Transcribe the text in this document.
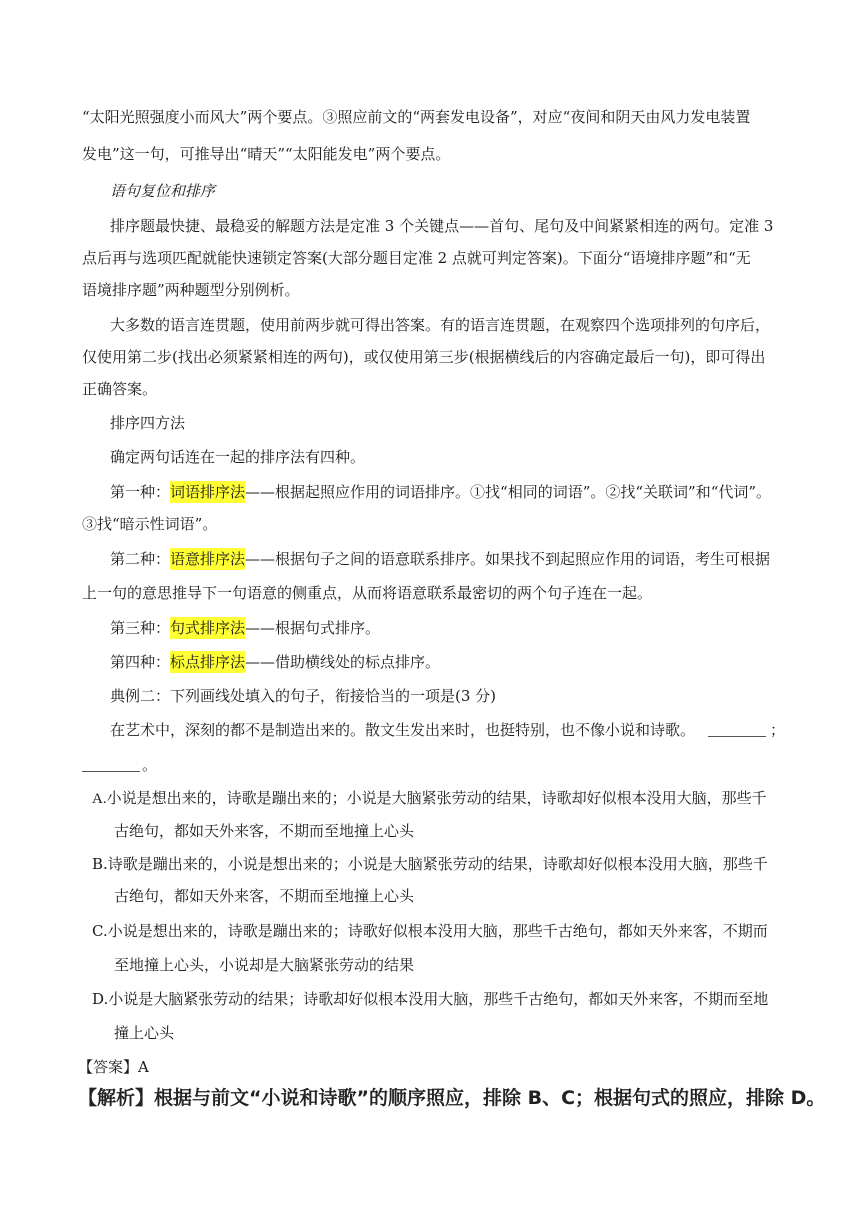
“太阳光照强度小而风大”两个要点。③照应前文的“两套发电设备”，对应“夜间和阴天由风力发电装置
发电”这一句，可推导出“晴天”“太阳能发电”两个要点。
语句复位和排序
排序题最快捷、最稳妥的解题方法是定准 3 个关键点——首句、尾句及中间紧紧相连的两句。定准 3
点后再与选项匹配就能快速锁定答案(大部分题目定准 2 点就可判定答案)。下面分“语境排序题”和“无
语境排序题”两种题型分别例析。
大多数的语言连贯题，使用前两步就可得出答案。有的语言连贯题，在观察四个选项排列的句序后，
仅使用第二步(找出必须紧紧相连的两句)，或仅使用第三步(根据横线后的内容确定最后一句)，即可得出
正确答案。
排序四方法
确定两句话连在一起的排序法有四种。
第一种：词语排序法——根据起照应作用的词语排序。①找“相同的词语”。②找“关联词”和“代词”。
③找“暗示性词语”。
第二种：语意排序法——根据句子之间的语意联系排序。如果找不到起照应作用的词语，考生可根据
上一句的意思推导下一句语意的侧重点，从而将语意联系最密切的两个句子连在一起。
第三种：句式排序法——根据句式排序。
第四种：标点排序法——借助横线处的标点排序。
典例二：下列画线处填入的句子，衔接恰当的一项是(3 分)
在艺术中，深刻的都不是制造出来的。散文生发出来时，也挺特别，也不像小说和诗歌。	；
。
A.小说是想出来的，诗歌是蹦出来的；小说是大脑紧张劳动的结果，诗歌却好似根本没用大脑，那些千
古绝句，都如天外来客，不期而至地撞上心头
B.诗歌是蹦出来的，小说是想出来的；小说是大脑紧张劳动的结果，诗歌却好似根本没用大脑，那些千
古绝句，都如天外来客，不期而至地撞上心头
C.小说是想出来的，诗歌是蹦出来的；诗歌好似根本没用大脑，那些千古绝句，都如天外来客，不期而
至地撞上心头，小说却是大脑紧张劳动的结果
D.小说是大脑紧张劳动的结果；诗歌却好似根本没用大脑，那些千古绝句，都如天外来客，不期而至地
撞上心头
【答案】A
【解析】根据与前文“小说和诗歌”的顺序照应，排除 B、C；根据句式的照应，排除 D。
